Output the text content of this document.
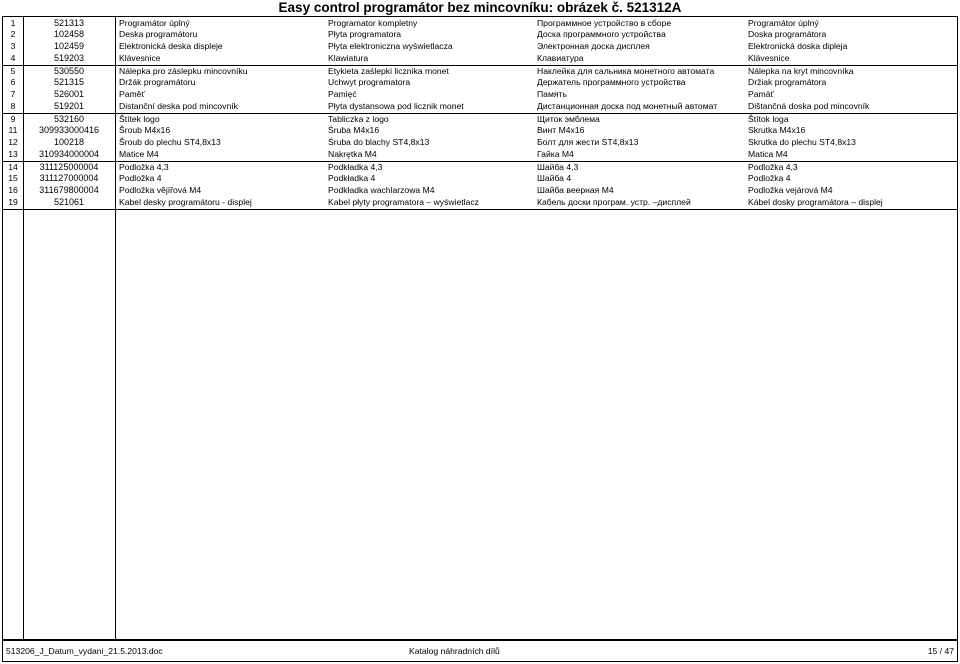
Easy control programátor bez mincovníku: obrázek č. 521312A
1	521313	Programátor úplný	Programator kompletny	Программное устройство в сборе	Programátor úplný
2	102458	Deska programátoru	Płyta programatora	Доска программного устройства	Doska programátora
3	102459	Elektronická deska displeje	Płyta elektroniczna wyświetlacza	Электронная доска дисплея	Elektronická doska dipleja
4	519203	Klávesnice	Klawiatura	Клавиатура	Klávesnice
5	530550	Nálepka pro záslepku mincovníku	Etykieta zaślepki licznika monet	Наклейка для сальника монетного автомата	Nálepka na kryt mincovníka
6	521315	Držák programátoru	Uchwyt programatora	Держатель программного устройства	Držiak programátora
7	526001	Paměť	Pamięć	Память	Pamäť
8	519201	Distanční deska pod mincovník	Płyta dystansowa pod licznik monet	Дистанционная доска под монетный автомат	Dištančná doska pod mincovník
9	532160	Štítek logo	Tabliczka z logo	Щиток эмблема	Štítok loga
11	309933000416	Šroub M4x16	Śruba M4x16	Винт M4x16	Skrutka M4x16
12	100218	Šroub do plechu ST4,8x13	Śruba do blachy ST4,8x13	Болт для жести ST4,8x13	Skrutka do plechu ST4,8x13
13	310934000004	Matice M4	Nakrętka M4	Гайка M4	Matica M4
14	311125000004	Podložka 4,3	Podkładka 4,3	Шайба 4,3	Podložka 4,3
15	311127000004	Podložka 4	Podkładka 4	Шайба 4	Podložka 4
16	311679800004	Podložka vějířová M4	Podkładka wachlarzowa M4	Шайба веерная M4	Podložka vejárová M4
19	521061	Kabel desky programátoru - displej	Kabel płyty programatora – wyświetlacz	Кабель доски програм. устр. –дисплей	Kábel dosky programátora – displej
513206_J_Datum_vydani_21.5.2013.doc	Katalog náhradních dílů	15 / 47
